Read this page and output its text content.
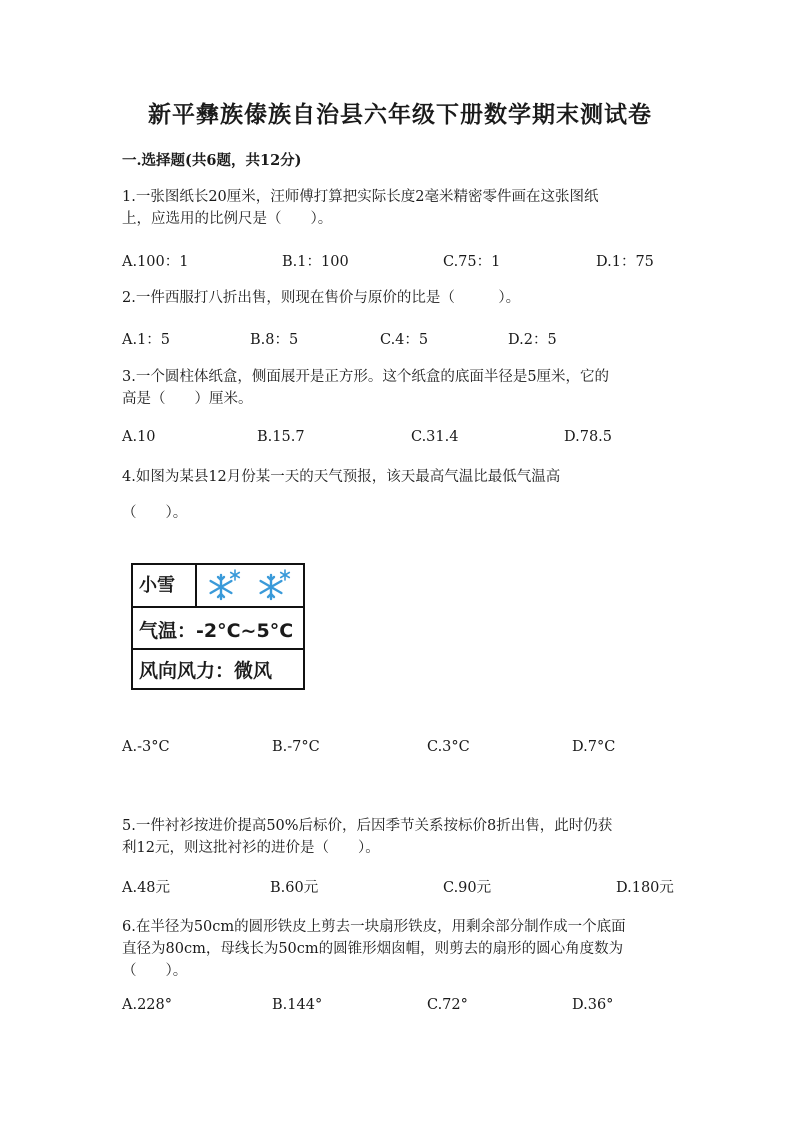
新平彝族傣族自治县六年级下册数学期末测试卷
一.选择题(共6题，共12分)
1.一张图纸长20厘米，汪师傅打算把实际长度2毫米精密零件画在这张图纸
上，应选用的比例尺是（　　）。
A.100：1	B.1：100	C.75：1	D.1：75
2.一件西服打八折出售，则现在售价与原价的比是（　　　）。
A.1：5	B.8：5	C.4：5	D.2：5
3.一个圆柱体纸盒，侧面展开是正方形。这个纸盒的底面半径是5厘米，它的
高是（　　）厘米。
A.10	B.15.7	C.31.4	D.78.5
4.如图为某县12月份某一天的天气预报，该天最高气温比最低气温高
（　　）。
小雪
气温：-2°C~5°C
风向风力：微风
A.-3°C	B.-7°C	C.3°C	D.7°C
5.一件衬衫按进价提高50%后标价，后因季节关系按标价8折出售，此时仍获
利12元，则这批衬衫的进价是（　　）。
A.48元	B.60元	C.90元	D.180元
6.在半径为50cm的圆形铁皮上剪去一块扇形铁皮，用剩余部分制作成一个底面
直径为80cm，母线长为50cm的圆锥形烟囱帽，则剪去的扇形的圆心角度数为
（　　）。
A.228°	B.144°	C.72°	D.36°
